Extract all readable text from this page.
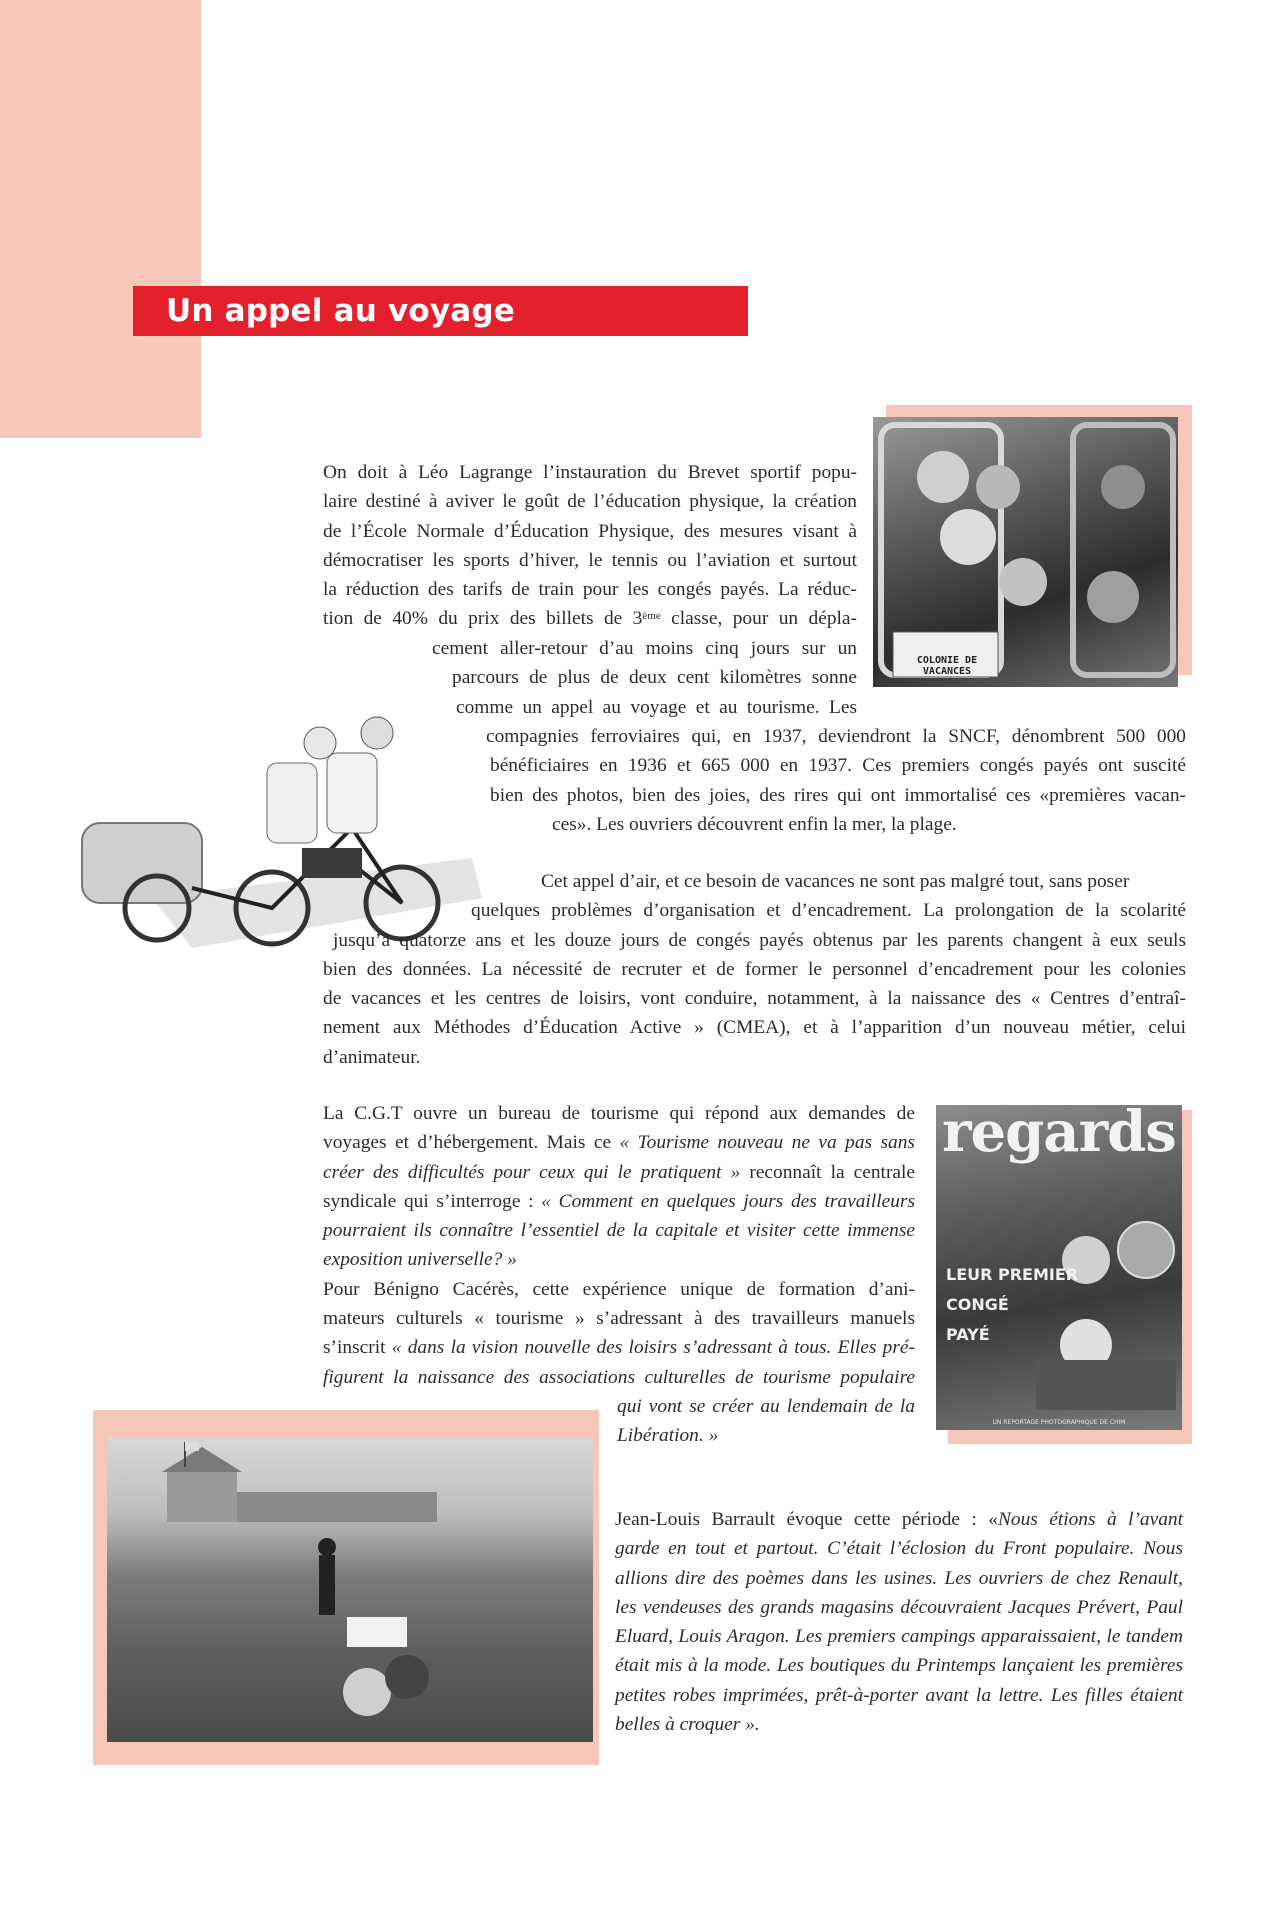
Un appel au voyage
COLONIE DE VACANCES
On doit à Léo Lagrange l’instauration du Brevet sportif popu-
laire destiné à aviver le goût de l’éducation physique, la création
de l’École Normale d’Éducation Physique, des mesures visant à
démocratiser les sports d’hiver, le tennis ou l’aviation et surtout
la réduction des tarifs de train pour les congés payés. La réduc-
tion de 40% du prix des billets de 3ème classe, pour un dépla-
cement aller-retour d’au moins cinq jours sur un
parcours de plus de deux cent kilomètres sonne
comme un appel au voyage et au tourisme. Les
compagnies ferroviaires qui, en 1937, deviendront la SNCF, dénombrent 500 000
bénéficiaires en 1936 et 665 000 en 1937. Ces premiers congés payés ont suscité
bien des photos, bien des joies, des rires qui ont immortalisé ces «premières vacan-
ces». Les ouvriers découvrent enfin la mer, la plage.
Cet appel d’air, et ce besoin de vacances ne sont pas malgré tout, sans poser
quelques problèmes d’organisation et d’encadrement. La prolongation de la scolarité
jusqu’à quatorze ans et les douze jours de congés payés obtenus par les parents changent à eux seuls
bien des données. La nécessité de recruter et de former le personnel d’encadrement pour les colonies
de vacances et les centres de loisirs, vont conduire, notamment, à la naissance des « Centres d’entraî-
nement aux Méthodes d’Éducation Active » (CMEA), et à l’apparition d’un nouveau métier, celui
d’animateur.
regards
LEUR PREMIER
CONGÉ
PAYÉ
UN REPORTAGE PHOTOGRAPHIQUE DE CHIM
La C.G.T ouvre un bureau de tourisme qui répond aux demandes de
voyages et d’hébergement. Mais ce « Tourisme nouveau ne va pas sans
créer des difficultés pour ceux qui le pratiquent » reconnaît la centrale
syndicale qui s’interroge : « Comment en quelques jours des travailleurs
pourraient ils connaître l’essentiel de la capitale et visiter cette immense
exposition universelle? »
Pour Bénigno Cacérès, cette expérience unique de formation d’ani-
mateurs culturels « tourisme » s’adressant à des travailleurs manuels
s’inscrit « dans la vision nouvelle des loisirs s’adressant à tous. Elles pré-
figurent la naissance des associations culturelles de tourisme populaire
qui vont se créer au lendemain de la
Libération. »
Jean-Louis Barrault évoque cette période : «Nous étions à l’avant
garde en tout et partout. C’était l’éclosion du Front populaire. Nous
allions dire des poèmes dans les usines. Les ouvriers de chez Renault,
les vendeuses des grands magasins découvraient Jacques Prévert, Paul
Eluard, Louis Aragon. Les premiers campings apparaissaient, le tandem
était mis à la mode. Les boutiques du Printemps lançaient les premières
petites robes imprimées, prêt-à-porter avant la lettre. Les filles étaient
belles à croquer ».
